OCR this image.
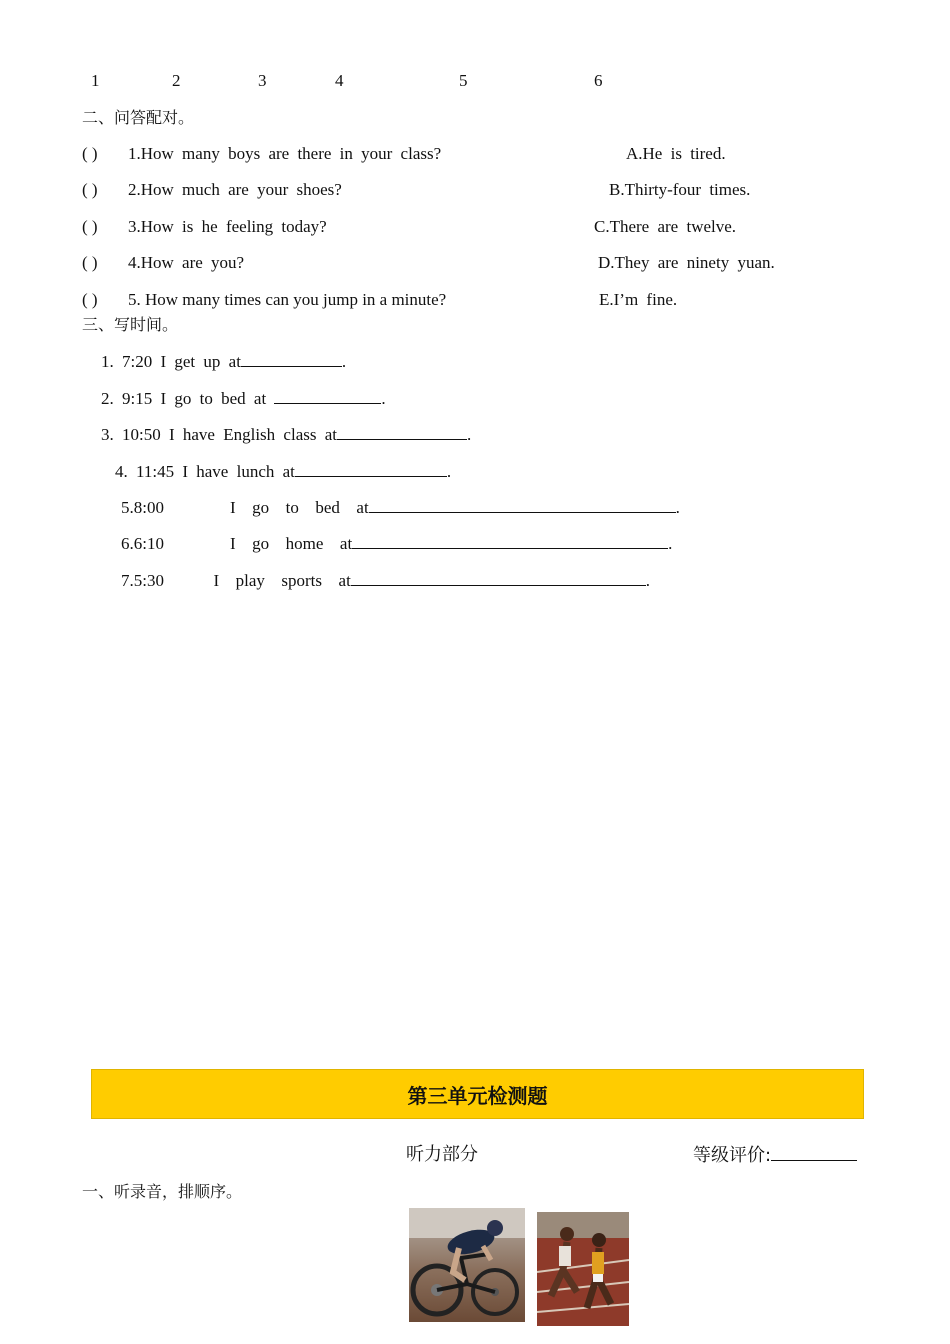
1	2	3	4	5	6
二、问答配对。
( ) 1.How many boys are there in your class?	A.He is tired.
( ) 2.How much are your shoes?	B.Thirty-four times.
( ) 3.How is he feeling today?	C.There are twelve.
( ) 4.How are you?	D.They are ninety yuan.
( ) 5. How many times can you jump in a minute?	E.I’m fine.
三、写时间。
1. 7:20 I get up at	.
2. 9:15 I go to bed at	.
3. 10:50 I have English class at	.
4. 11:45 I have lunch at	.
5.8:00        I  go  to  bed  at	.
6.6:10        I  go  home  at	.
7.5:30      I  play  sports  at	.
第三单元检测题
听力部分	等级评价:
一、听录音，排顺序。
